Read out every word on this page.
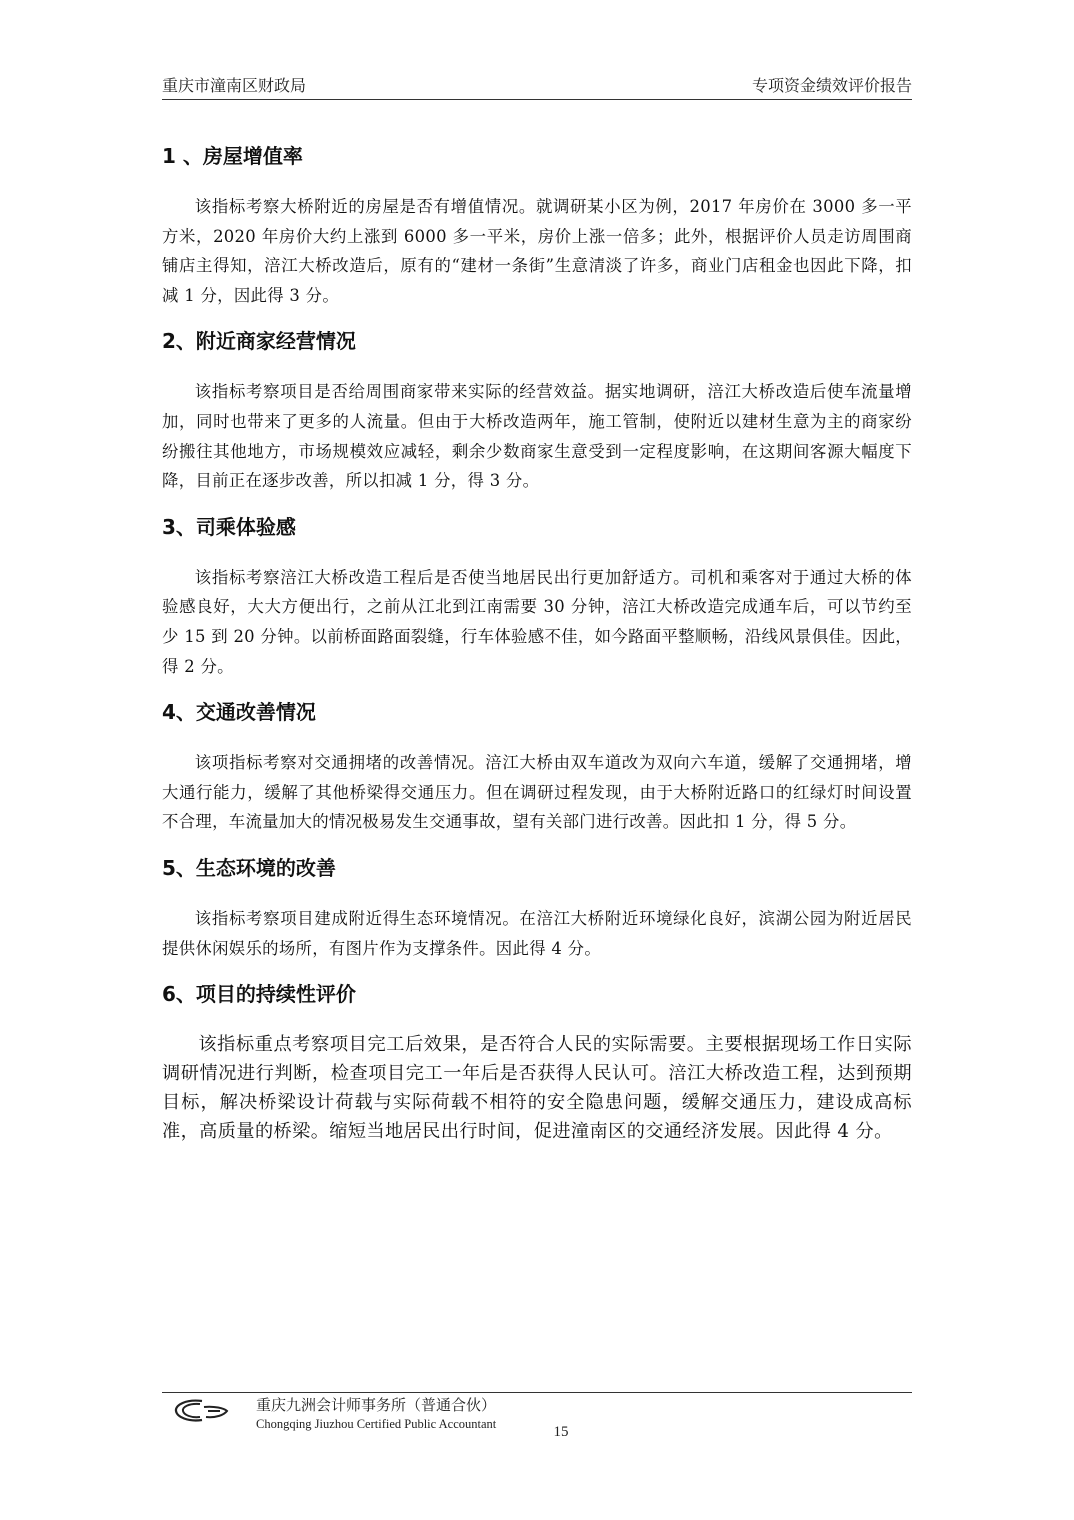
重庆市潼南区财政局	专项资金绩效评价报告
1 、房屋增值率

该指标考察大桥附近的房屋是否有增值情况。就调研某小区为例，2017 年房价在 3000 多一平方米，2020 年房价大约上涨到 6000 多一平米，房价上涨一倍多；此外，根据评价人员走访周围商铺店主得知，涪江大桥改造后，原有的“建材一条街”生意清淡了许多，商业门店租金也因此下降，扣减 1 分，因此得 3 分。

2、附近商家经营情况

该指标考察项目是否给周围商家带来实际的经营效益。据实地调研，涪江大桥改造后使车流量增加，同时也带来了更多的人流量。但由于大桥改造两年，施工管制，使附近以建材生意为主的商家纷纷搬往其他地方，市场规模效应减轻，剩余少数商家生意受到一定程度影响，在这期间客源大幅度下降，目前正在逐步改善，所以扣减 1 分，得 3 分。

3、司乘体验感

该指标考察涪江大桥改造工程后是否使当地居民出行更加舒适方。司机和乘客对于通过大桥的体验感良好，大大方便出行，之前从江北到江南需要 30 分钟，涪江大桥改造完成通车后，可以节约至少 15 到 20 分钟。以前桥面路面裂缝，行车体验感不佳，如今路面平整顺畅，沿线风景俱佳。因此，得 2 分。

4、交通改善情况

该项指标考察对交通拥堵的改善情况。涪江大桥由双车道改为双向六车道，缓解了交通拥堵，增大通行能力，缓解了其他桥梁得交通压力。但在调研过程发现，由于大桥附近路口的红绿灯时间设置不合理，车流量加大的情况极易发生交通事故，望有关部门进行改善。因此扣 1 分，得 5 分。

5、生态环境的改善

该指标考察项目建成附近得生态环境情况。在涪江大桥附近环境绿化良好，滨湖公园为附近居民提供休闲娱乐的场所，有图片作为支撑条件。因此得 4 分。

6、项目的持续性评价

该指标重点考察项目完工后效果，是否符合人民的实际需要。主要根据现场工作日实际调研情况进行判断，检查项目完工一年后是否获得人民认可。涪江大桥改造工程，达到预期目标，解决桥梁设计荷载与实际荷载不相符的安全隐患问题，缓解交通压力，建设成高标准，高质量的桥梁。缩短当地居民出行时间，促进潼南区的交通经济发展。因此得 4 分。

重庆九洲会计师事务所（普通合伙）
Chongqing Jiuzhou Certified Public Accountant	15
